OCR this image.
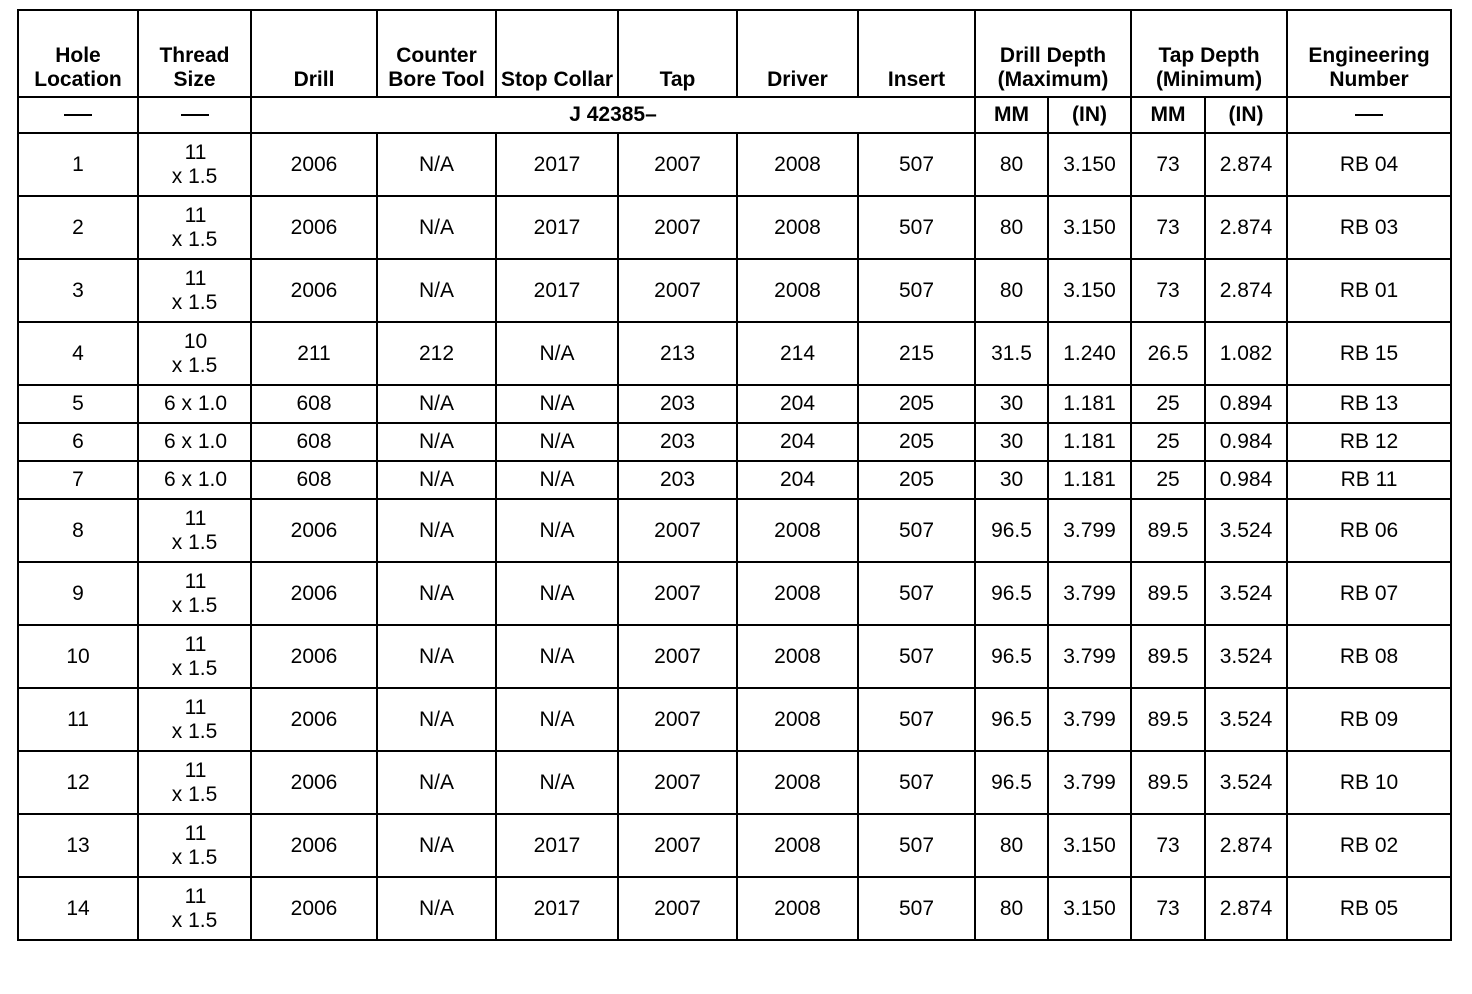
Hole Location	Thread Size	Drill	Counter Bore Tool	Stop Collar	Tap	Driver	Insert	Drill Depth (Maximum)		Tap Depth (Minimum)		Engineering Number
		J 42385–						MM	(IN)	MM	(IN)	
1	11
x 1.5	2006	N/A	2017	2007	2008	507	80	3.150	73	2.874	RB 04
2	11
x 1.5	2006	N/A	2017	2007	2008	507	80	3.150	73	2.874	RB 03
3	11
x 1.5	2006	N/A	2017	2007	2008	507	80	3.150	73	2.874	RB 01
4	10
x 1.5	211	212	N/A	213	214	215	31.5	1.240	26.5	1.082	RB 15
5	6 x 1.0	608	N/A	N/A	203	204	205	30	1.181	25	0.894	RB 13
6	6 x 1.0	608	N/A	N/A	203	204	205	30	1.181	25	0.984	RB 12
7	6 x 1.0	608	N/A	N/A	203	204	205	30	1.181	25	0.984	RB 11
8	11
x 1.5	2006	N/A	N/A	2007	2008	507	96.5	3.799	89.5	3.524	RB 06
9	11
x 1.5	2006	N/A	N/A	2007	2008	507	96.5	3.799	89.5	3.524	RB 07
10	11
x 1.5	2006	N/A	N/A	2007	2008	507	96.5	3.799	89.5	3.524	RB 08
11	11
x 1.5	2006	N/A	N/A	2007	2008	507	96.5	3.799	89.5	3.524	RB 09
12	11
x 1.5	2006	N/A	N/A	2007	2008	507	96.5	3.799	89.5	3.524	RB 10
13	11
x 1.5	2006	N/A	2017	2007	2008	507	80	3.150	73	2.874	RB 02
14	11
x 1.5	2006	N/A	2017	2007	2008	507	80	3.150	73	2.874	RB 05
